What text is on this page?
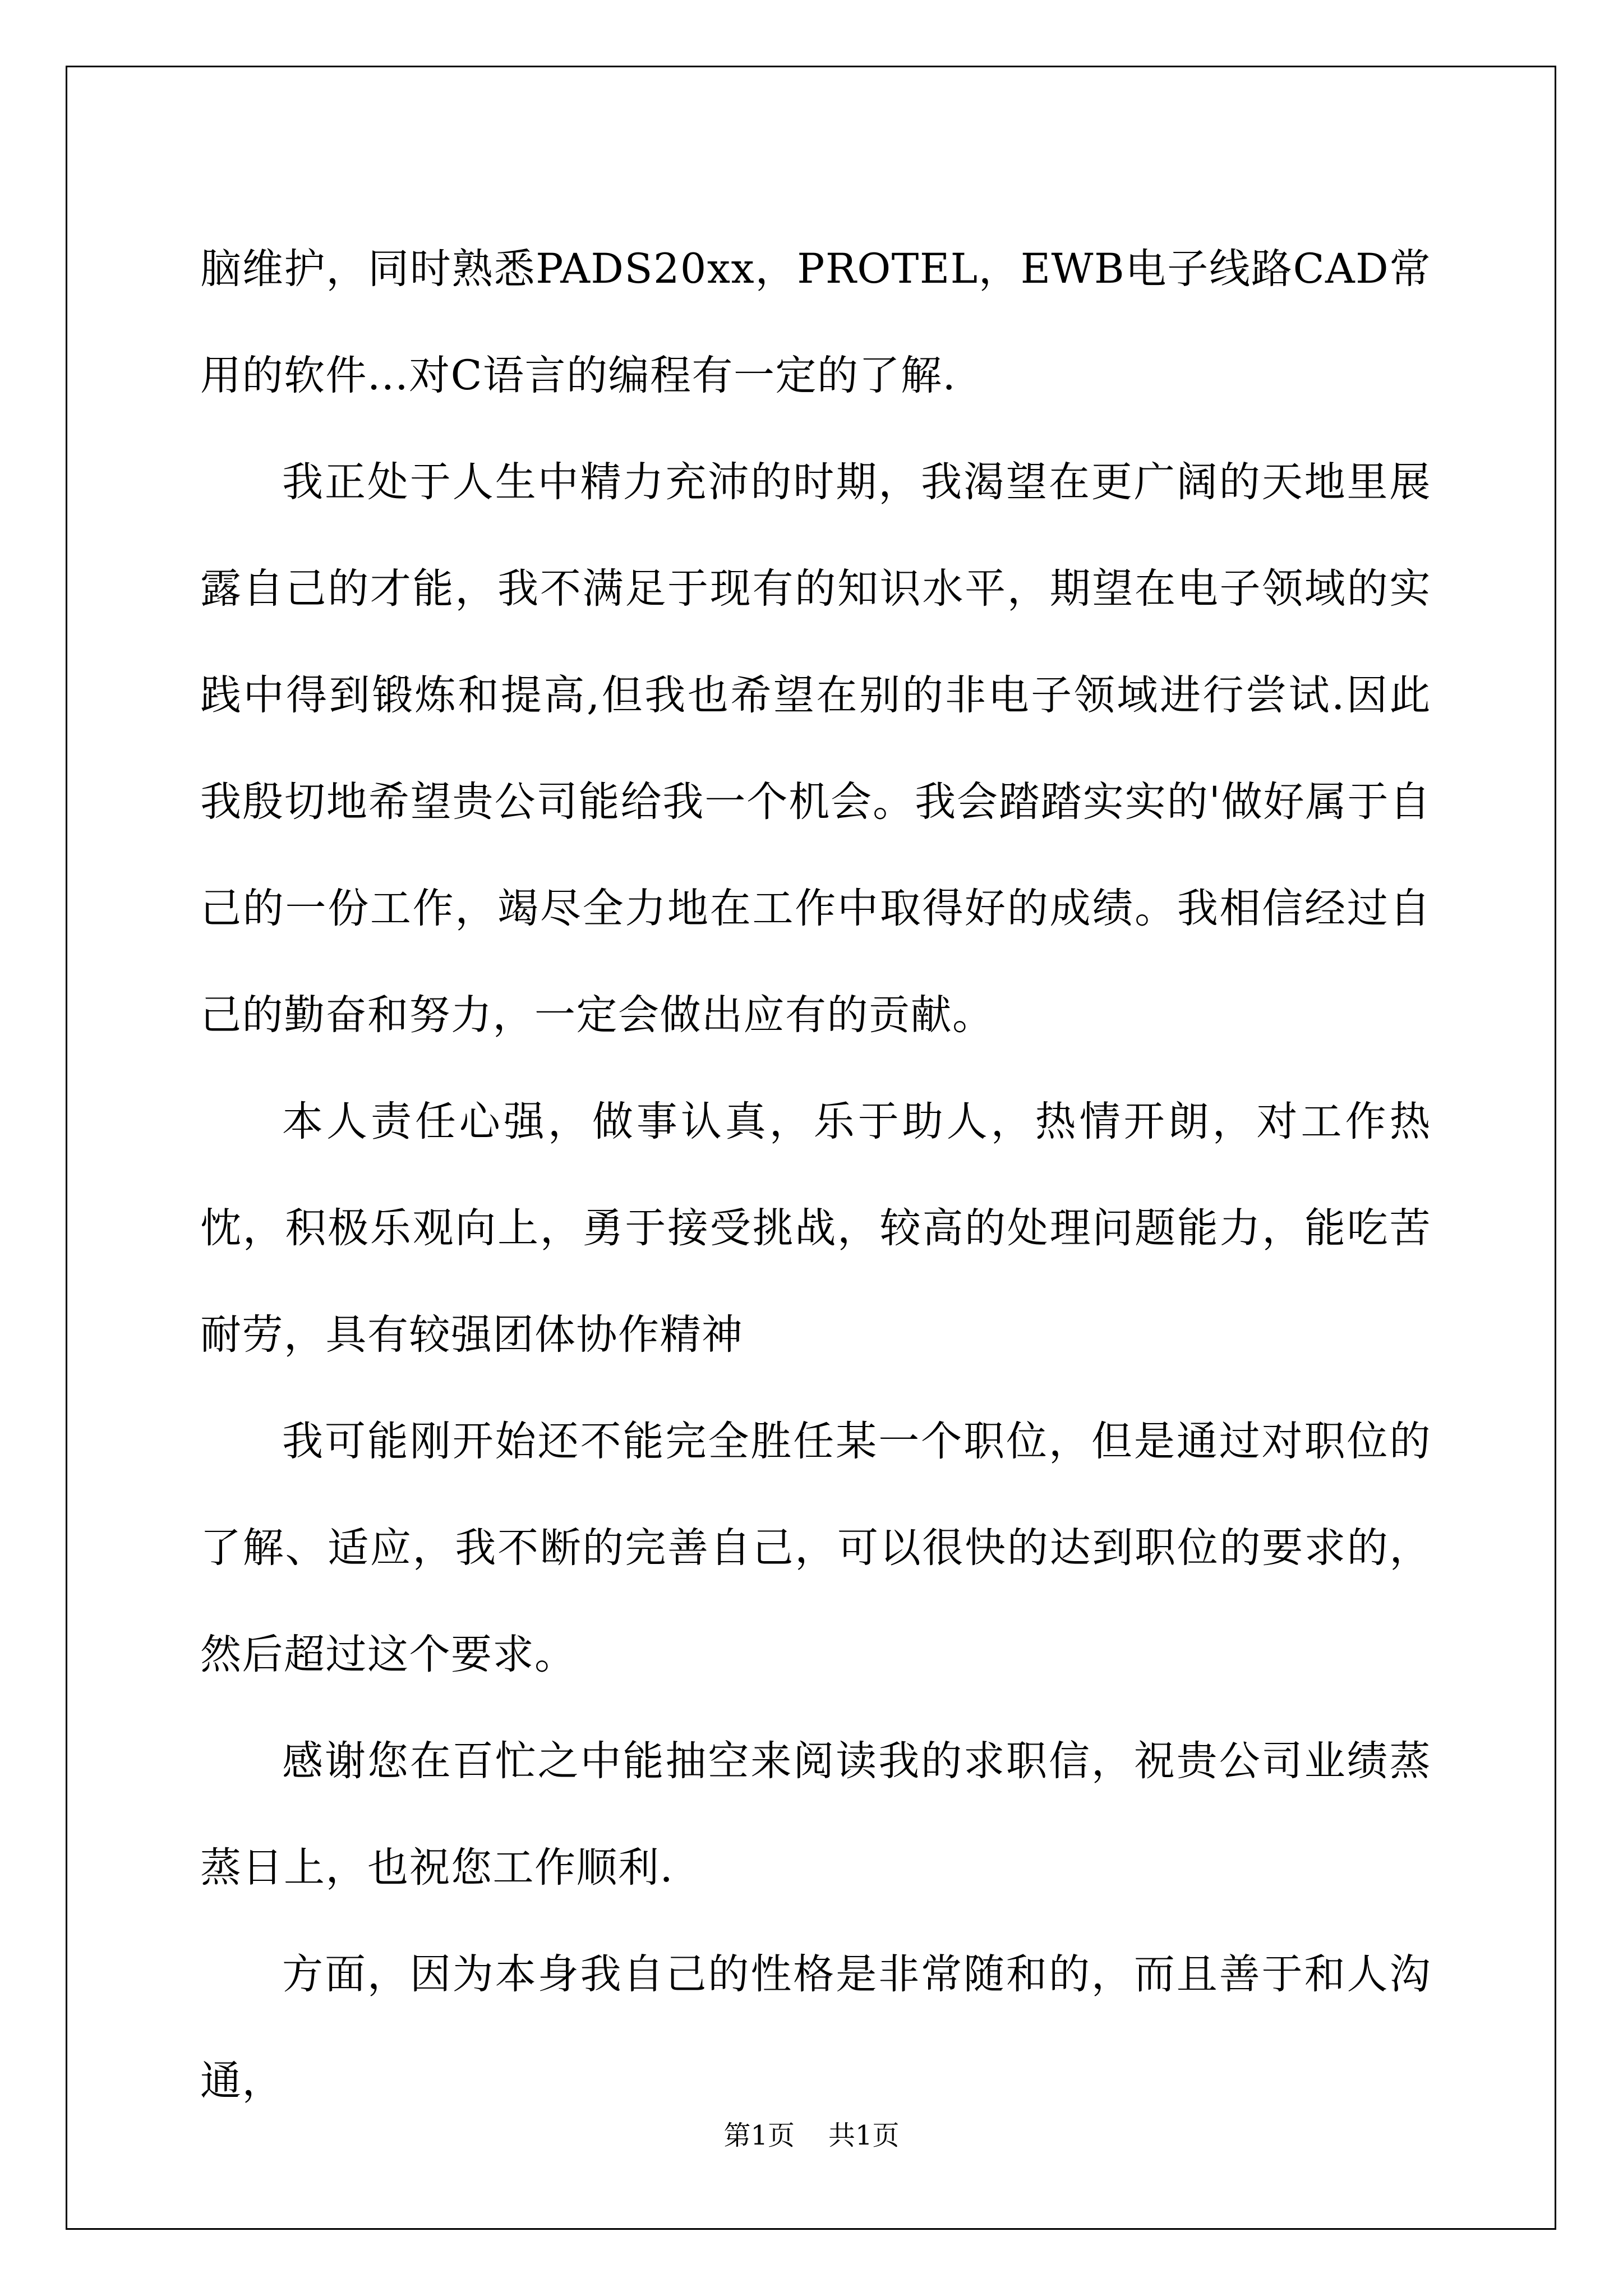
脑维护，同时熟悉PADS20xx，PROTEL，EWB电子线路CAD常用的软件...对C语言的编程有一定的了解.

我正处于人生中精力充沛的时期，我渴望在更广阔的天地里展露自己的才能，我不满足于现有的知识水平，期望在电子领域的实践中得到锻炼和提高,但我也希望在别的非电子领域进行尝试.因此我殷切地希望贵公司能给我一个机会。我会踏踏实实的'做好属于自己的一份工作，竭尽全力地在工作中取得好的成绩。我相信经过自己的勤奋和努力，一定会做出应有的贡献。

本人责任心强，做事认真，乐于助人，热情开朗，对工作热忱，积极乐观向上，勇于接受挑战，较高的处理问题能力，能吃苦耐劳，具有较强团体协作精神

我可能刚开始还不能完全胜任某一个职位，但是通过对职位的了解、适应，我不断的完善自己，可以很快的达到职位的要求的，然后超过这个要求。

感谢您在百忙之中能抽空来阅读我的求职信，祝贵公司业绩蒸蒸日上，也祝您工作顺利.

方面，因为本身我自己的性格是非常随和的，而且善于和人沟通，

第1页 共1页
